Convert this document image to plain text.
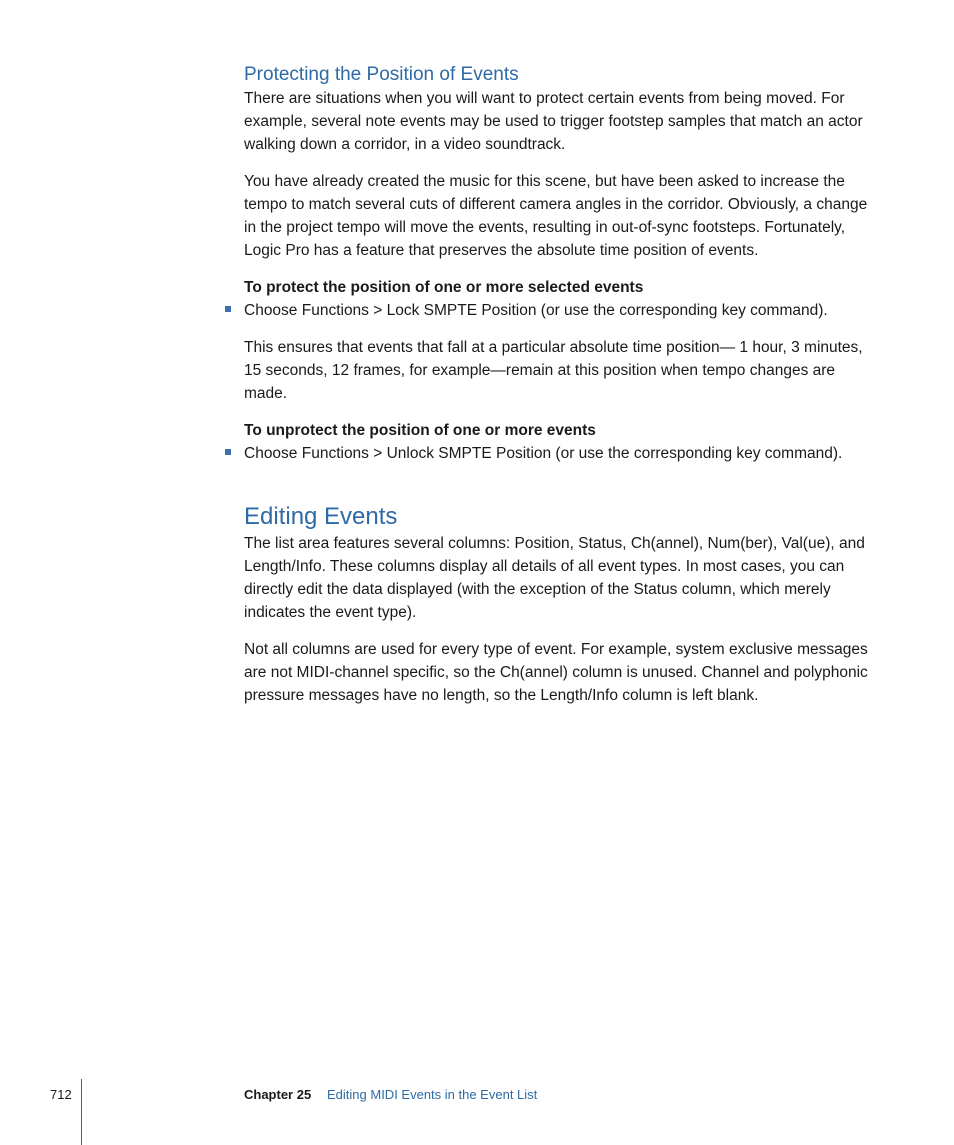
Protecting the Position of Events

There are situations when you will want to protect certain events from being moved. For example, several note events may be used to trigger footstep samples that match an actor walking down a corridor, in a video soundtrack.

You have already created the music for this scene, but have been asked to increase the tempo to match several cuts of different camera angles in the corridor. Obviously, a change in the project tempo will move the events, resulting in out-of-sync footsteps. Fortunately, Logic Pro has a feature that preserves the absolute time position of events.

To protect the position of one or more selected events

Choose Functions > Lock SMPTE Position (or use the corresponding key command).

This ensures that events that fall at a particular absolute time position— 1 hour, 3 minutes, 15 seconds, 12 frames, for example—remain at this position when tempo changes are made.

To unprotect the position of one or more events

Choose Functions > Unlock SMPTE Position (or use the corresponding key command).

Editing Events

The list area features several columns: Position, Status, Ch(annel), Num(ber), Val(ue), and Length/Info. These columns display all details of all event types. In most cases, you can directly edit the data displayed (with the exception of the Status column, which merely indicates the event type).

Not all columns are used for every type of event. For example, system exclusive messages are not MIDI-channel specific, so the Ch(annel) column is unused. Channel and polyphonic pressure messages have no length, so the Length/Info column is left blank.

712	Chapter 25 Editing MIDI Events in the Event List
